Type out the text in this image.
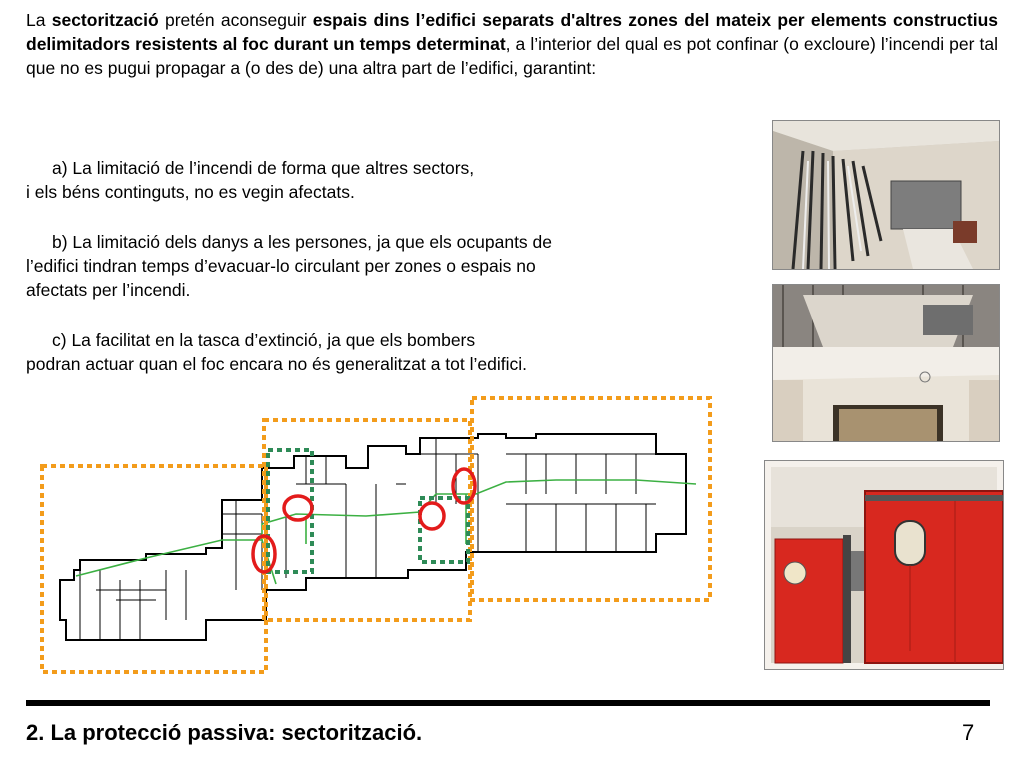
La sectorització pretén aconseguir espais dins l’edifici separats d'altres zones del mateix per elements constructius delimitadors resistents al foc durant un temps determinat, a l’interior del qual es pot confinar (o excloure) l’incendi per tal que no es pugui propagar a (o des de) una altra part de l’edifici, garantint:

a) La limitació de l’incendi de forma que altres sectors,
i els béns continguts, no es vegin afectats.
b) La limitació dels danys a les persones, ja que els ocupants de
l’edifici tindran temps d’evacuar-lo circulant per zones o espais no
afectats per l’incendi.
c) La facilitat en la tasca d’extinció, ja que els bombers
podran actuar quan el foc encara no és generalitzat a tot l’edifici.
2. La protecció passiva: sectorització.	7
